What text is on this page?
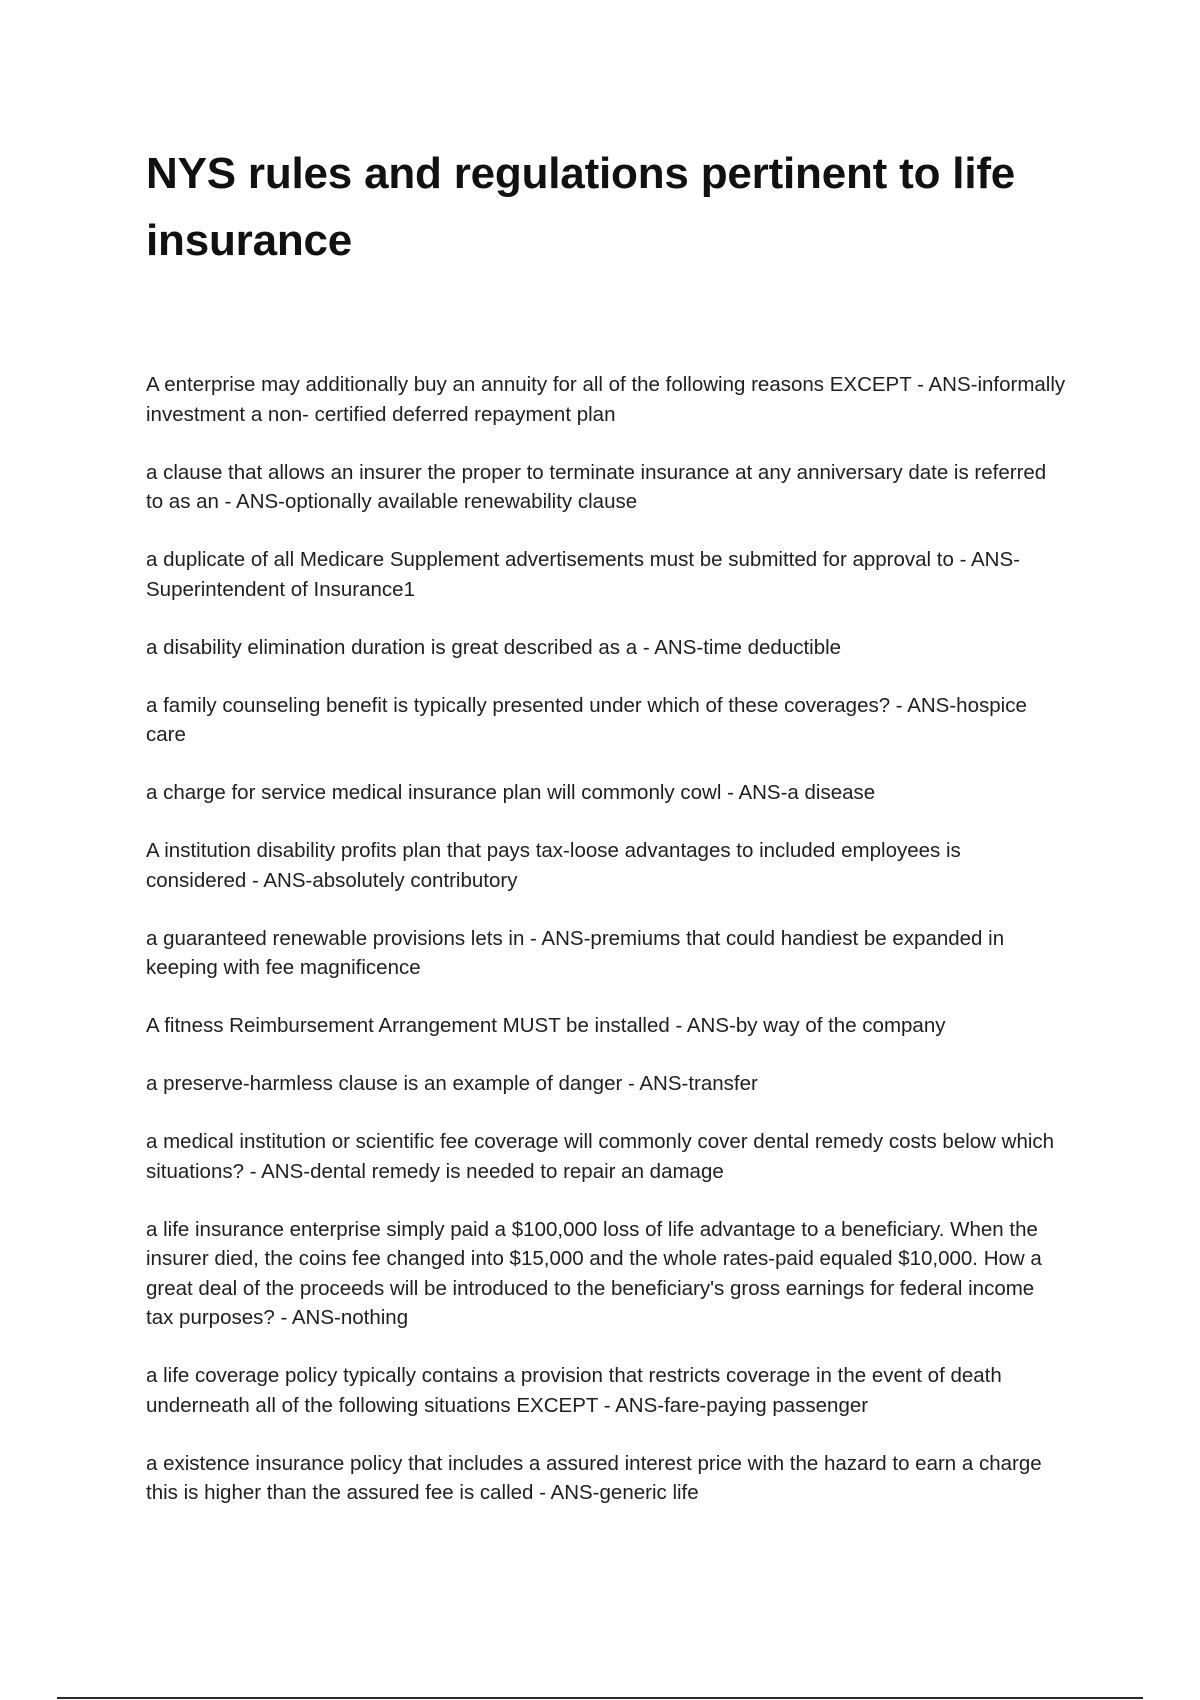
NYS rules and regulations pertinent to life insurance
A enterprise may additionally buy an annuity for all of the following reasons EXCEPT - ANS-informally investment a non- certified deferred repayment plan
a clause that allows an insurer the proper to terminate insurance at any anniversary date is referred to as an - ANS-optionally available renewability clause
a duplicate of all Medicare Supplement advertisements must be submitted for approval to - ANS-Superintendent of Insurance1
a disability elimination duration is great described as a - ANS-time deductible
a family counseling benefit is typically presented under which of these coverages? - ANS-hospice care
a charge for service medical insurance plan will commonly cowl - ANS-a disease
A institution disability profits plan that pays tax-loose advantages to included employees is considered - ANS-absolutely contributory
a guaranteed renewable provisions lets in - ANS-premiums that could handiest be expanded in keeping with fee magnificence
A fitness Reimbursement Arrangement MUST be installed - ANS-by way of the company
a preserve-harmless clause is an example of danger - ANS-transfer
a medical institution or scientific fee coverage will commonly cover dental remedy costs below which situations? - ANS-dental remedy is needed to repair an damage
a life insurance enterprise simply paid a $100,000 loss of life advantage to a beneficiary. When the insurer died, the coins fee changed into $15,000 and the whole rates-paid equaled $10,000. How a great deal of the proceeds will be introduced to the beneficiary's gross earnings for federal income tax purposes? - ANS-nothing
a life coverage policy typically contains a provision that restricts coverage in the event of death underneath all of the following situations EXCEPT - ANS-fare-paying passenger
a existence insurance policy that includes a assured interest price with the hazard to earn a charge this is higher than the assured fee is called - ANS-generic life
